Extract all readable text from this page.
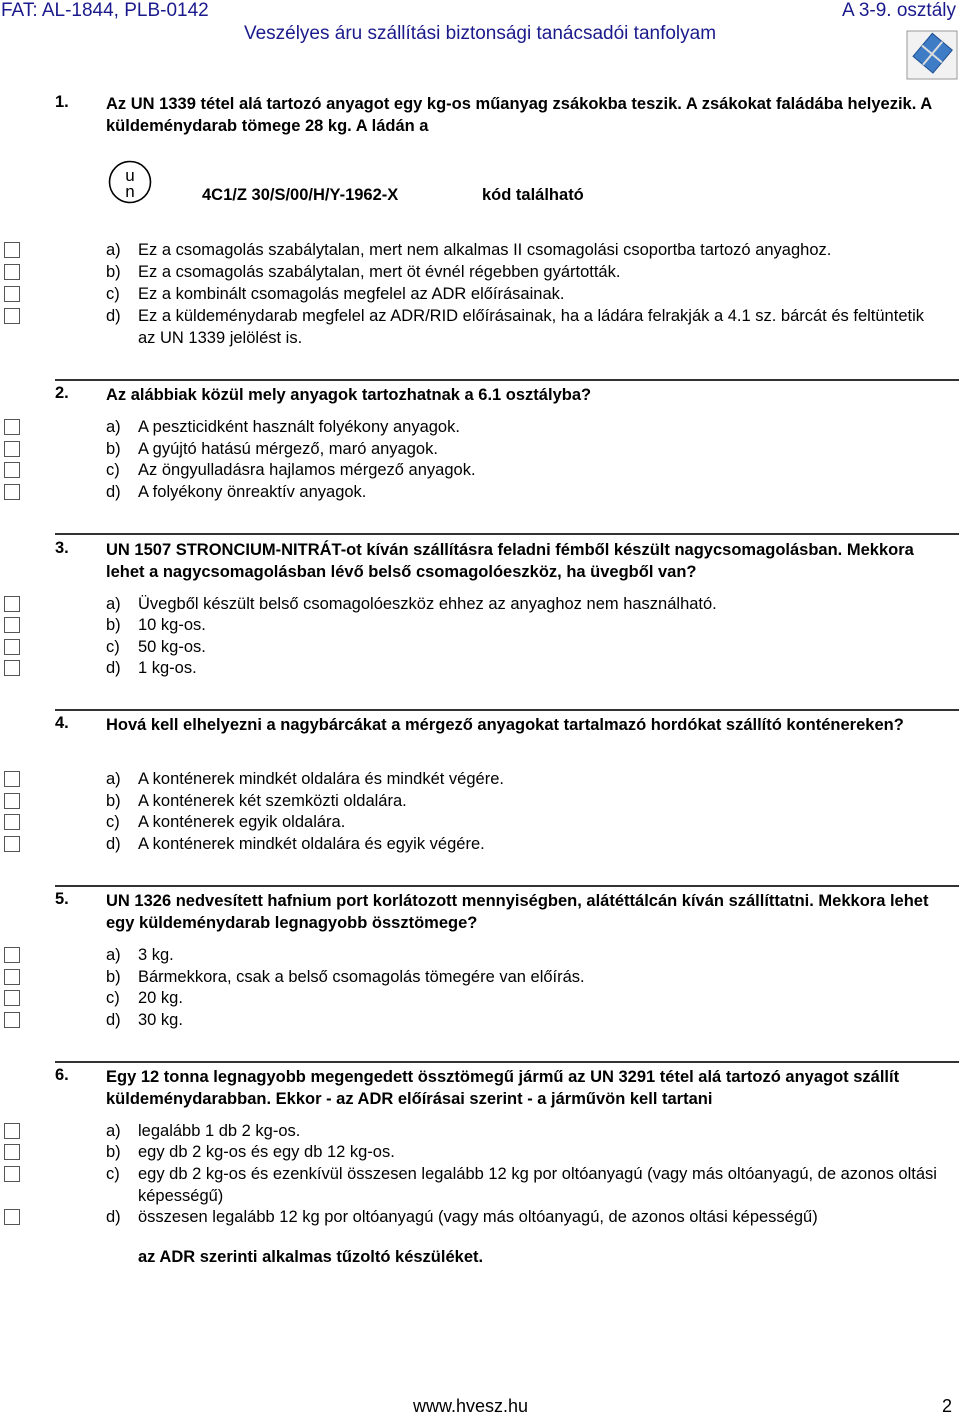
FAT: AL-1844, PLB-0142	A 3-9. osztály
Veszélyes áru szállítási biztonsági tanácsadói tanfolyam
1. Az UN 1339 tétel alá tartozó anyagot egy kg-os műanyag zsákokba teszik. A zsákokat faládába helyezik. A küldeménydarab tömege 28 kg. A ládán a
u
n	4C1/Z 30/S/00/H/Y-1962-X	kód található
a) Ez a csomagolás szabálytalan, mert nem alkalmas II csomagolási csoportba tartozó anyaghoz.
b) Ez a csomagolás szabálytalan, mert öt évnél régebben gyártották.
c) Ez a kombinált csomagolás megfelel az ADR előírásainak.
d) Ez a küldeménydarab megfelel az ADR/RID előírásainak, ha a ládára felrakják a 4.1 sz. bárcát és feltüntetik az UN 1339 jelölést is.
2. Az alábbiak közül mely anyagok tartozhatnak a 6.1 osztályba?
a) A peszticidként használt folyékony anyagok.
b) A gyújtó hatású mérgező, maró anyagok.
c) Az öngyulladásra hajlamos mérgező anyagok.
d) A folyékony önreaktív anyagok.
3. UN 1507 STRONCIUM-NITRÁT-ot kíván szállításra feladni fémből készült nagycsomagolásban. Mekkora lehet a nagycsomagolásban lévő belső csomagolóeszköz, ha üvegből van?
a) Üvegből készült belső csomagolóeszköz ehhez az anyaghoz nem használható.
b) 10 kg-os.
c) 50 kg-os.
d) 1 kg-os.
4. Hová kell elhelyezni a nagybárcákat a mérgező anyagokat tartalmazó hordókat szállító konténereken?
a) A konténerek mindkét oldalára és mindkét végére.
b) A konténerek két szemközti oldalára.
c) A konténerek egyik oldalára.
d) A konténerek mindkét oldalára és egyik végére.
5. UN 1326 nedvesített hafnium port korlátozott mennyiségben, alátéttálcán kíván szállíttatni. Mekkora lehet egy küldeménydarab legnagyobb össztömege?
a) 3 kg.
b) Bármekkora, csak a belső csomagolás tömegére van előírás.
c) 20 kg.
d) 30 kg.
6. Egy 12 tonna legnagyobb megengedett össztömegű jármű az UN 3291 tétel alá tartozó anyagot szállít küldeménydarabban. Ekkor - az ADR előírásai szerint - a járművön kell tartani
a) legalább 1 db 2 kg-os.
b) egy db 2 kg-os és egy db 12 kg-os.
c) egy db 2 kg-os és ezenkívül összesen legalább 12 kg por oltóanyagú (vagy más oltóanyagú, de azonos oltási képességű)
d) összesen legalább 12 kg por oltóanyagú (vagy más oltóanyagú, de azonos oltási képességű)
az ADR szerinti alkalmas tűzoltó készüléket.
www.hvesz.hu	2
